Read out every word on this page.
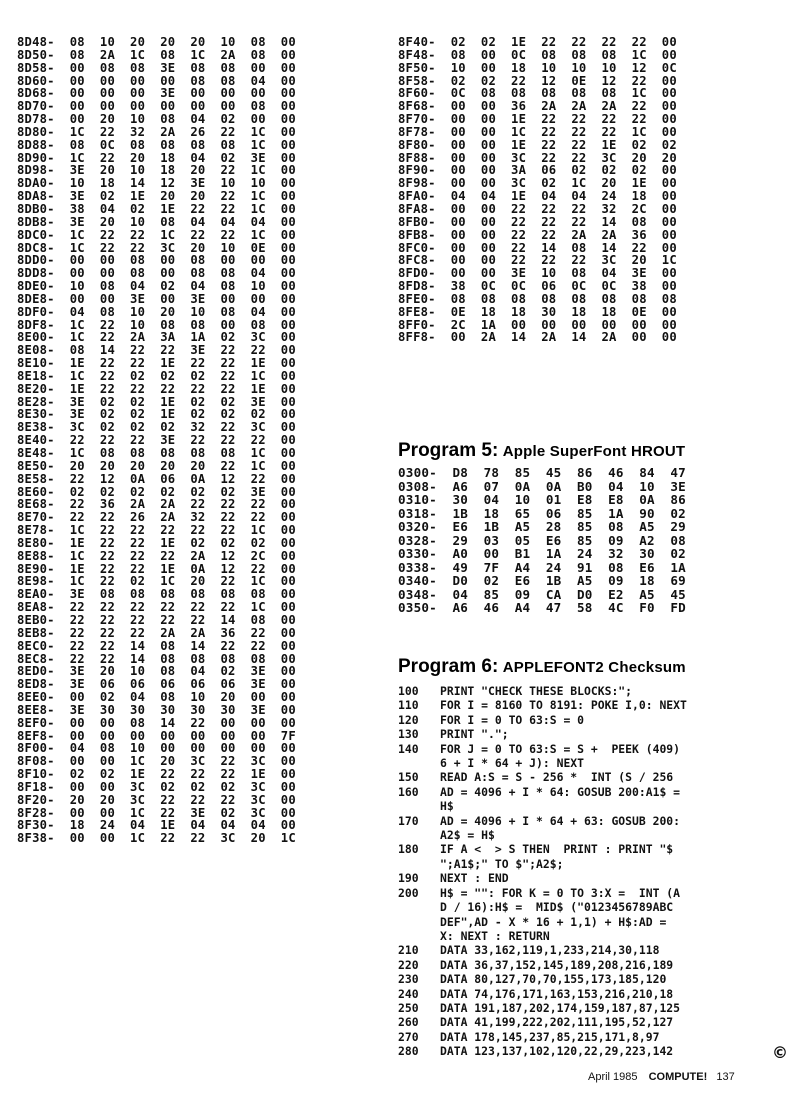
8D48-  08  10  20  20  20  10  08  00
8D50-  08  2A  1C  08  1C  2A  08  00
8D58-  00  08  08  3E  08  08  00  00
8D60-  00  00  00  00  08  08  04  00
8D68-  00  00  00  3E  00  00  00  00
8D70-  00  00  00  00  00  00  08  00
8D78-  00  20  10  08  04  02  00  00
8D80-  1C  22  32  2A  26  22  1C  00
8D88-  08  0C  08  08  08  08  1C  00
8D90-  1C  22  20  18  04  02  3E  00
8D98-  3E  20  10  18  20  22  1C  00
8DA0-  10  18  14  12  3E  10  10  00
8DA8-  3E  02  1E  20  20  22  1C  00
8DB0-  38  04  02  1E  22  22  1C  00
8DB8-  3E  20  10  08  04  04  04  00
8DC0-  1C  22  22  1C  22  22  1C  00
8DC8-  1C  22  22  3C  20  10  0E  00
8DD0-  00  00  08  00  08  00  00  00
8DD8-  00  00  08  00  08  08  04  00
8DE0-  10  08  04  02  04  08  10  00
8DE8-  00  00  3E  00  3E  00  00  00
8DF0-  04  08  10  20  10  08  04  00
8DF8-  1C  22  10  08  08  00  08  00
8E00-  1C  22  2A  3A  1A  02  3C  00
8E08-  08  14  22  22  3E  22  22  00
8E10-  1E  22  22  1E  22  22  1E  00
8E18-  1C  22  02  02  02  22  1C  00
8E20-  1E  22  22  22  22  22  1E  00
8E28-  3E  02  02  1E  02  02  3E  00
8E30-  3E  02  02  1E  02  02  02  00
8E38-  3C  02  02  02  32  22  3C  00
8E40-  22  22  22  3E  22  22  22  00
8E48-  1C  08  08  08  08  08  1C  00
8E50-  20  20  20  20  20  22  1C  00
8E58-  22  12  0A  06  0A  12  22  00
8E60-  02  02  02  02  02  02  3E  00
8E68-  22  36  2A  2A  22  22  22  00
8E70-  22  22  26  2A  32  22  22  00
8E78-  1C  22  22  22  22  22  1C  00
8E80-  1E  22  22  1E  02  02  02  00
8E88-  1C  22  22  22  2A  12  2C  00
8E90-  1E  22  22  1E  0A  12  22  00
8E98-  1C  22  02  1C  20  22  1C  00
8EA0-  3E  08  08  08  08  08  08  00
8EA8-  22  22  22  22  22  22  1C  00
8EB0-  22  22  22  22  22  14  08  00
8EB8-  22  22  22  2A  2A  36  22  00
8EC0-  22  22  14  08  14  22  22  00
8EC8-  22  22  14  08  08  08  08  00
8ED0-  3E  20  10  08  04  02  3E  00
8ED8-  3E  06  06  06  06  06  3E  00
8EE0-  00  02  04  08  10  20  00  00
8EE8-  3E  30  30  30  30  30  3E  00
8EF0-  00  00  08  14  22  00  00  00
8EF8-  00  00  00  00  00  00  00  7F
8F00-  04  08  10  00  00  00  00  00
8F08-  00  00  1C  20  3C  22  3C  00
8F10-  02  02  1E  22  22  22  1E  00
8F18-  00  00  3C  02  02  02  3C  00
8F20-  20  20  3C  22  22  22  3C  00
8F28-  00  00  1C  22  3E  02  3C  00
8F30-  18  24  04  1E  04  04  04  00
8F38-  00  00  1C  22  22  3C  20  1C
8F40-  02  02  1E  22  22  22  22  00
8F48-  08  00  0C  08  08  08  1C  00
8F50-  10  00  18  10  10  10  12  0C
8F58-  02  02  22  12  0E  12  22  00
8F60-  0C  08  08  08  08  08  1C  00
8F68-  00  00  36  2A  2A  2A  22  00
8F70-  00  00  1E  22  22  22  22  00
8F78-  00  00  1C  22  22  22  1C  00
8F80-  00  00  1E  22  22  1E  02  02
8F88-  00  00  3C  22  22  3C  20  20
8F90-  00  00  3A  06  02  02  02  00
8F98-  00  00  3C  02  1C  20  1E  00
8FA0-  04  04  1E  04  04  24  18  00
8FA8-  00  00  22  22  22  32  2C  00
8FB0-  00  00  22  22  22  14  08  00
8FB8-  00  00  22  22  2A  2A  36  00
8FC0-  00  00  22  14  08  14  22  00
8FC8-  00  00  22  22  22  3C  20  1C
8FD0-  00  00  3E  10  08  04  3E  00
8FD8-  38  0C  0C  06  0C  0C  38  00
8FE0-  08  08  08  08  08  08  08  08
8FE8-  0E  18  18  30  18  18  0E  00
8FF0-  2C  1A  00  00  00  00  00  00
8FF8-  00  2A  14  2A  14  2A  00  00
Program 5: Apple SuperFont HROUT
0300-  D8  78  85  45  86  46  84  47
0308-  A6  07  0A  0A  B0  04  10  3E
0310-  30  04  10  01  E8  E8  0A  86
0318-  1B  18  65  06  85  1A  90  02
0320-  E6  1B  A5  28  85  08  A5  29
0328-  29  03  05  E6  85  09  A2  08
0330-  A0  00  B1  1A  24  32  30  02
0338-  49  7F  A4  24  91  08  E6  1A
0340-  D0  02  E6  1B  A5  09  18  69
0348-  04  85  09  CA  D0  E2  A5  45
0350-  A6  46  A4  47  58  4C  F0  FD
Program 6: APPLEFONT2 Checksum
100	PRINT "CHECK THESE BLOCKS:";
110	FOR I = 8160 TO 8191: POKE I,0: NEXT
120	FOR I = 0 TO 63:S = 0
130	PRINT ".";
140	FOR J = 0 TO 63:S = S +  PEEK (409)
6 + I * 64 + J): NEXT
150	READ A:S = S - 256 *  INT (S / 256
160	AD = 4096 + I * 64: GOSUB 200:A1$ =
H$
170	AD = 4096 + I * 64 + 63: GOSUB 200:
A2$ = H$
180	IF A <  > S THEN  PRINT : PRINT "$
";A1$;" TO $";A2$;
190	NEXT : END
200	H$ = "": FOR K = 0 TO 3:X =  INT (A
D / 16):H$ =  MID$ ("0123456789ABC
DEF",AD - X * 16 + 1,1) + H$:AD =
X: NEXT : RETURN
210	DATA 33,162,119,1,233,214,30,118
220	DATA 36,37,152,145,189,208,216,189
230	DATA 80,127,70,70,155,173,185,120
240	DATA 74,176,171,163,153,216,210,18
250	DATA 191,187,202,174,159,187,87,125
260	DATA 41,199,222,202,111,195,52,127
270	DATA 178,145,237,85,215,171,8,97
280	DATA 123,137,102,120,22,29,223,142	©
April 1985 COMPUTE! 137
